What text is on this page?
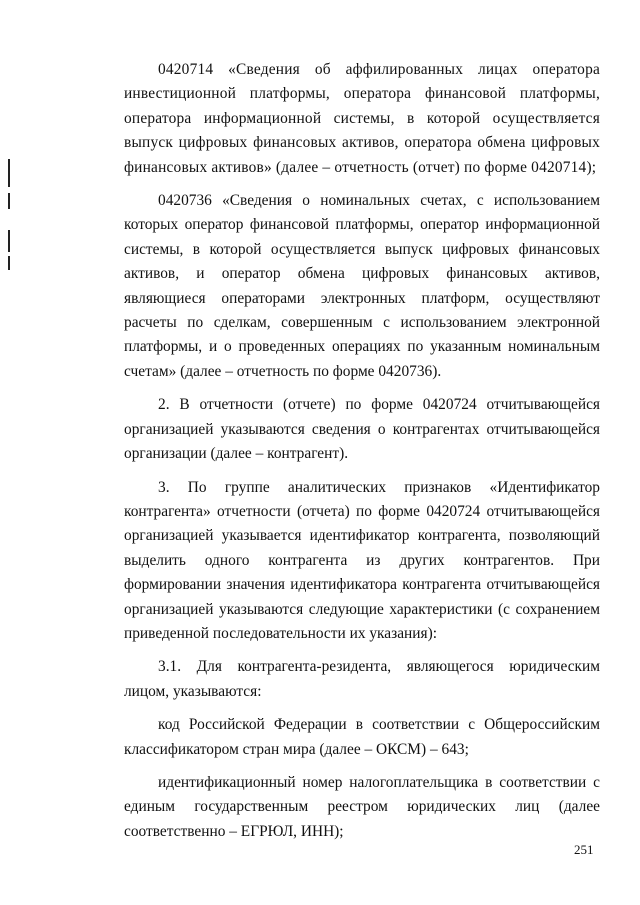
0420714 «Сведения об аффилированных лицах оператора инвестиционной платформы, оператора финансовой платформы, оператора информационной системы, в которой осуществляется выпуск цифровых финансовых активов, оператора обмена цифровых финансовых активов» (далее – отчетность (отчет) по форме 0420714);

0420736 «Сведения о номинальных счетах, с использованием которых оператор финансовой платформы, оператор информационной системы, в которой осуществляется выпуск цифровых финансовых активов, и оператор обмена цифровых финансовых активов, являющиеся операторами электронных платформ, осуществляют расчеты по сделкам, совершенным с использованием электронной платформы, и о проведенных операциях по указанным номинальным счетам» (далее – отчетность по форме 0420736).

2. В отчетности (отчете) по форме 0420724 отчитывающейся организацией указываются сведения о контрагентах отчитывающейся организации (далее – контрагент).

3. По группе аналитических признаков «Идентификатор контрагента» отчетности (отчета) по форме 0420724 отчитывающейся организацией указывается идентификатор контрагента, позволяющий выделить одного контрагента из других контрагентов. При формировании значения идентификатора контрагента отчитывающейся организацией указываются следующие характеристики (с сохранением приведенной последовательности их указания):

3.1. Для контрагента-резидента, являющегося юридическим лицом, указываются:

код Российской Федерации в соответствии с Общероссийским классификатором стран мира (далее – ОКСМ) – 643;

идентификационный номер налогоплательщика в соответствии с единым государственным реестром юридических лиц (далее соответственно – ЕГРЮЛ, ИНН);

251
